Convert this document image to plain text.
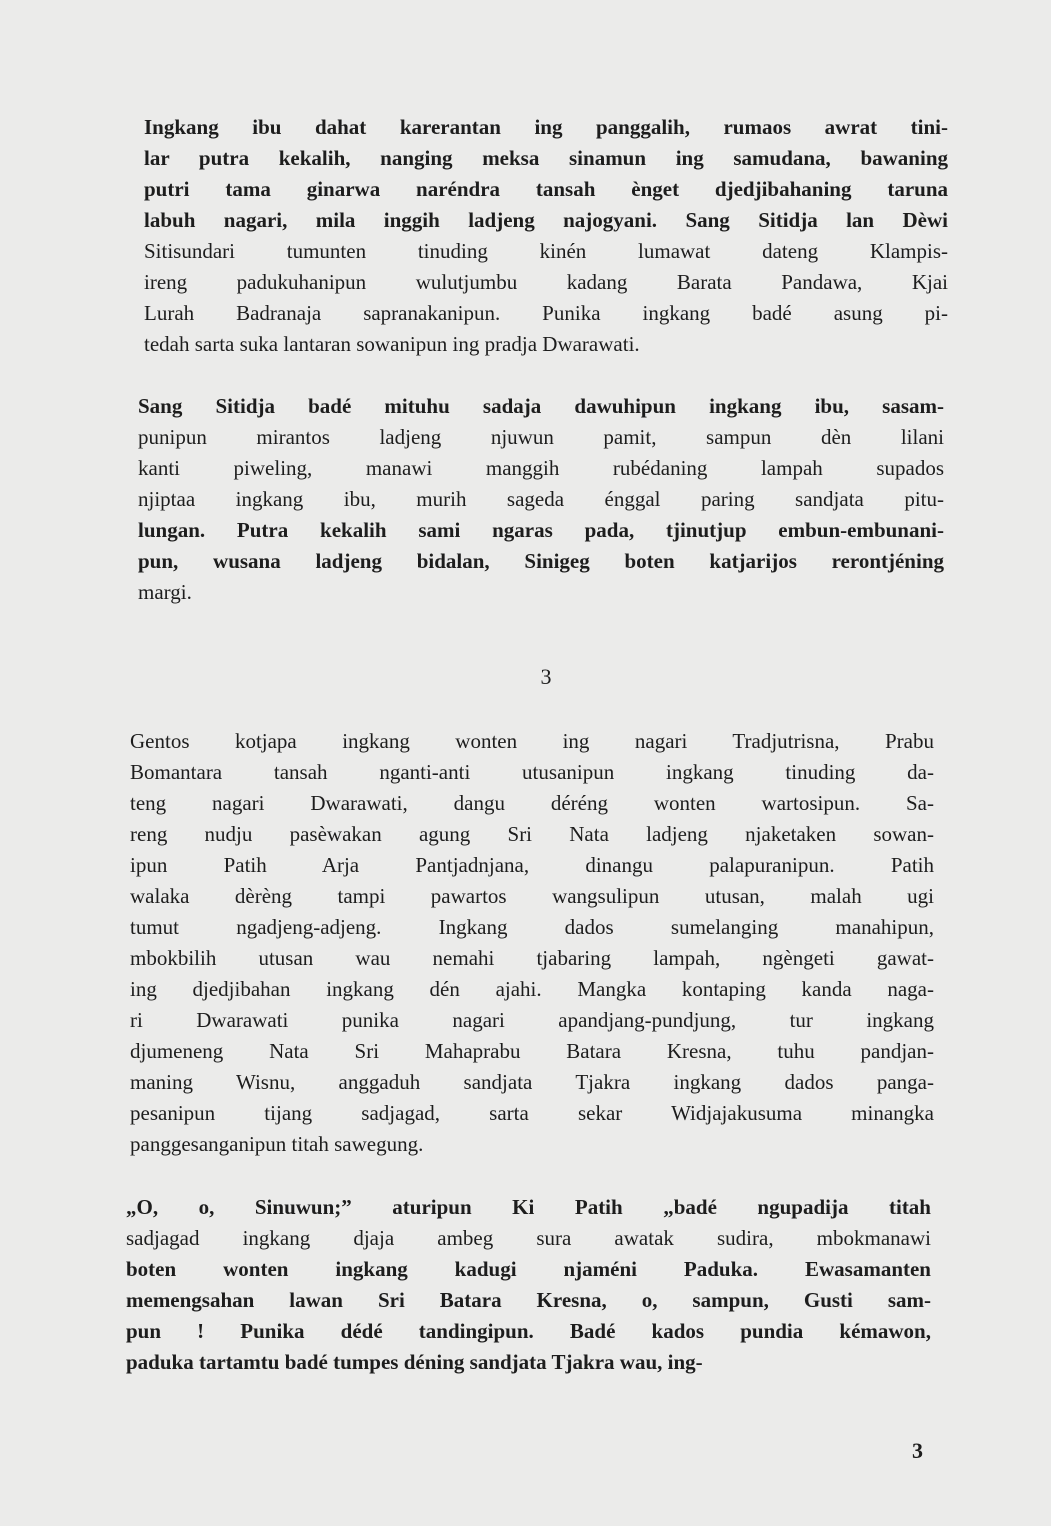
Ingkang ibu dahat karerantan ing panggalih, rumaos awrat tini-
lar putra kekalih, nanging meksa sinamun ing samudana, bawaning
putri tama ginarwa naréndra tansah ènget djedjibahaning taruna
labuh nagari, mila inggih ladjeng najogyani. Sang Sitidja lan Dèwi
Sitisundari tumunten tinuding kinén lumawat dateng Klampis-
ireng padukuhanipun wulutjumbu kadang Barata Pandawa, Kjai
Lurah Badranaja sapranakanipun. Punika ingkang badé asung pi-
tedah sarta suka lantaran sowanipun ing pradja Dwarawati.
Sang Sitidja badé mituhu sadaja dawuhipun ingkang ibu, sasam-
punipun mirantos ladjeng njuwun pamit, sampun dèn lilani
kanti piweling, manawi manggih rubédaning lampah supados
njiptaa ingkang ibu, murih sageda énggal paring sandjata pitu-
lungan. Putra kekalih sami ngaras pada, tjinutjup embun-embunani-
pun, wusana ladjeng bidalan, Sinigeg boten katjarijos rerontjéning
margi.
3
Gentos kotjapa ingkang wonten ing nagari Tradjutrisna, Prabu
Bomantara tansah nganti-anti utusanipun ingkang tinuding da-
teng nagari Dwarawati, dangu déréng wonten wartosipun. Sa-
reng nudju pasèwakan agung Sri Nata ladjeng njaketaken sowan-
ipun Patih Arja Pantjadnjana, dinangu palapuranipun. Patih
walaka dèrèng tampi pawartos wangsulipun utusan, malah ugi
tumut ngadjeng-adjeng. Ingkang dados sumelanging manahipun,
mbokbilih utusan wau nemahi tjabaring lampah, ngèngeti gawat-
ing djedjibahan ingkang dén ajahi. Mangka kontaping kanda naga-
ri Dwarawati punika nagari apandjang-pundjung, tur ingkang
djumeneng Nata Sri Mahaprabu Batara Kresna, tuhu pandjan-
maning Wisnu, anggaduh sandjata Tjakra ingkang dados panga-
pesanipun tijang sadjagad, sarta sekar Widjajakusuma minangka
panggesanganipun titah sawegung.
„O, o, Sinuwun;” aturipun Ki Patih „badé ngupadija titah
sadjagad ingkang djaja ambeg sura awatak sudira, mbokmanawi
boten wonten ingkang kadugi njaméni Paduka. Ewasamanten
memengsahan lawan Sri Batara Kresna, o, sampun, Gusti sam-
pun ! Punika dédé tandingipun. Badé kados pundia kémawon,
paduka tartamtu badé tumpes déning sandjata Tjakra wau, ing-
3
